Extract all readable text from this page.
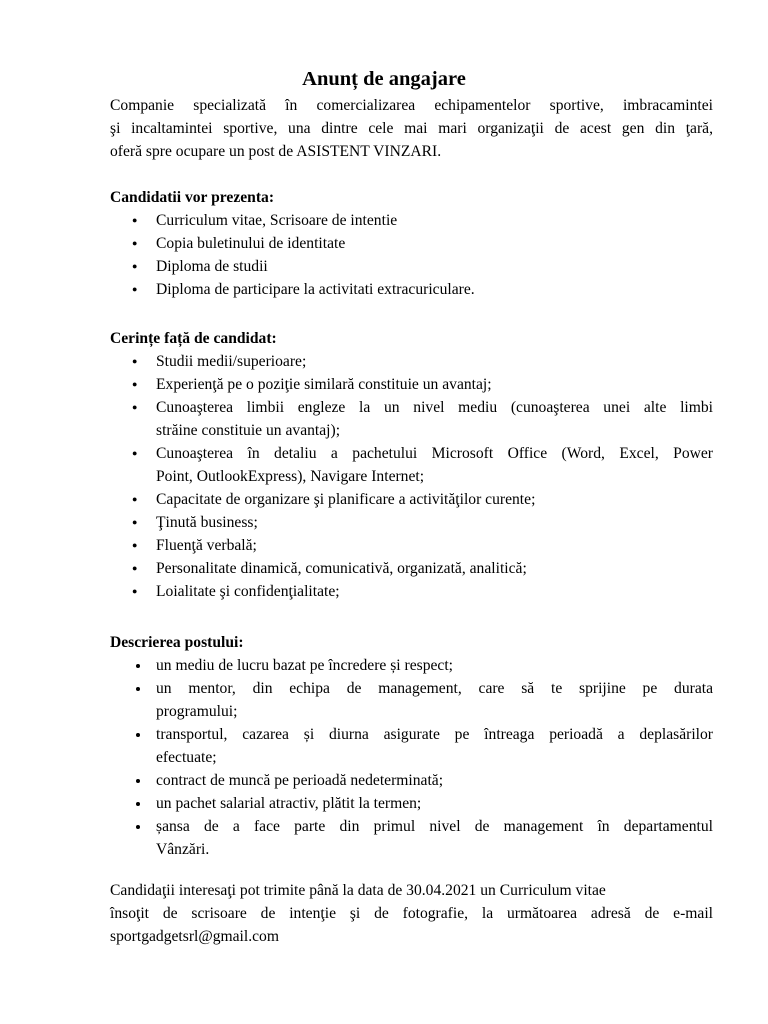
Anunț de angajare
Companie specializată în comercializarea echipamentelor sportive, imbracamintei
şi incaltamintei sportive, una dintre cele mai mari organizaţii de acest gen din ţară,
oferă spre ocupare un post de ASISTENT VINZARI.
Candidatii vor prezenta:
● Curriculum vitae, Scrisoare de intentie
● Copia buletinului de identitate
● Diploma de studii
● Diploma de participare la activitati extracuriculare.
Cerințe față de candidat:
● Studii medii/superioare;
● Experienţă pe o poziţie similară constituie un avantaj;
● Cunoaşterea limbii engleze la un nivel mediu (cunoaşterea unei alte limbi
străine constituie un avantaj);
● Cunoaşterea în detaliu a pachetului Microsoft Office (Word, Excel, Power
Point, OutlookExpress), Navigare Internet;
● Capacitate de organizare şi planificare a activităţilor curente;
● Ţinută business;
● Fluenţă verbală;
● Personalitate dinamică, comunicativă, organizată, analitică;
● Loialitate şi confidenţialitate;
Descrierea postului:
un mediu de lucru bazat pe încredere și respect;
un mentor, din echipa de management, care să te sprijine pe durata
programului;
transportul, cazarea și diurna asigurate pe întreaga perioadă a deplasărilor
efectuate;
contract de muncă pe perioadă nedeterminată;
un pachet salarial atractiv, plătit la termen;
șansa de a face parte din primul nivel de management în departamentul
Vânzări.
Candidaţii interesaţi pot trimite până la data de 30.04.2021 un Curriculum vitae
însoţit de scrisoare de intenţie şi de fotografie, la următoarea adresă de e-mail
sportgadgetsrl@gmail.com
